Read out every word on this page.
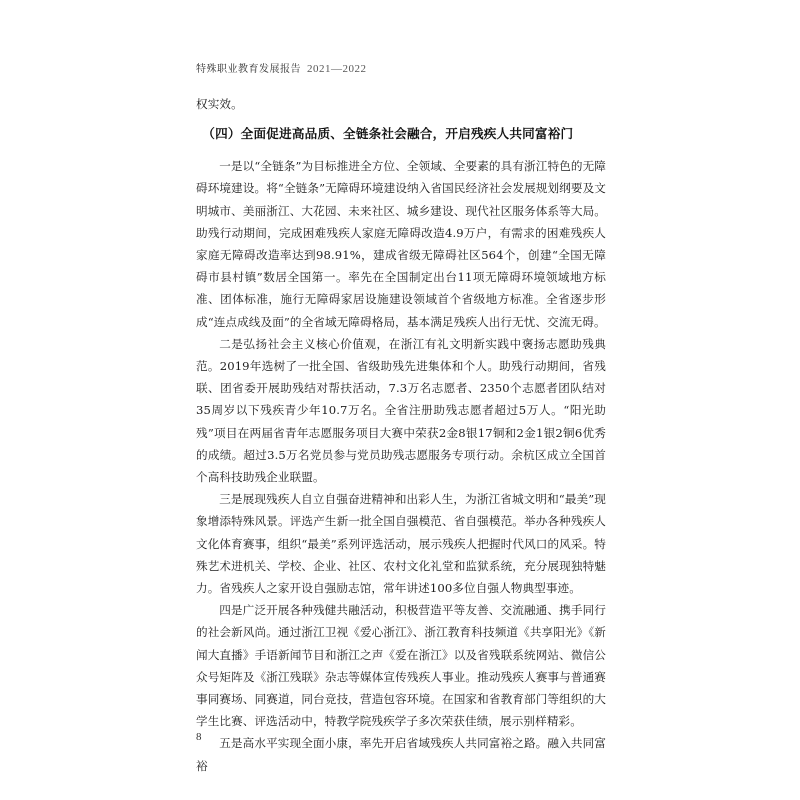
特殊职业教育发展报告 2021—2022

权实效。

（四）全面促进高品质、全链条社会融合，开启残疾人共同富裕门

一是以“全链条”为目标推进全方位、全领域、全要素的具有浙江特色的无障碍环境建设。将“全链条”无障碍环境建设纳入省国民经济社会发展规划纲要及文明城市、美丽浙江、大花园、未来社区、城乡建设、现代社区服务体系等大局。助残行动期间，完成困难残疾人家庭无障碍改造4.9万户，有需求的困难残疾人家庭无障碍改造率达到98.91%，建成省级无障碍社区564个，创建“全国无障碍市县村镇”数居全国第一。率先在全国制定出台11项无障碍环境领域地方标准、团体标准，施行无障碍家居设施建设领域首个省级地方标准。全省逐步形成“连点成线及面”的全省域无障碍格局，基本满足残疾人出行无忧、交流无碍。

二是弘扬社会主义核心价值观，在浙江有礼文明新实践中褒扬志愿助残典范。2019年选树了一批全国、省级助残先进集体和个人。助残行动期间，省残联、团省委开展助残结对帮扶活动，7.3万名志愿者、2350个志愿者团队结对35周岁以下残疾青少年10.7万名。全省注册助残志愿者超过5万人。“阳光助残”项目在两届省青年志愿服务项目大赛中荣获2金8银17铜和2金1银2铜6优秀的成绩。超过3.5万名党员参与党员助残志愿服务专项行动。余杭区成立全国首个高科技助残企业联盟。

三是展现残疾人自立自强奋进精神和出彩人生，为浙江省城文明和“最美”现象增添特殊风景。评选产生新一批全国自强模范、省自强模范。举办各种残疾人文化体育赛事，组织“最美”系列评选活动，展示残疾人把握时代风口的风采。特殊艺术进机关、学校、企业、社区、农村文化礼堂和监狱系统，充分展现独特魅力。省残疾人之家开设自强励志馆，常年讲述100多位自强人物典型事迹。

四是广泛开展各种残健共融活动，积极营造平等友善、交流融通、携手同行的社会新风尚。通过浙江卫视《爱心浙江》、浙江教育科技频道《共享阳光》《新闻大直播》手语新闻节目和浙江之声《爱在浙江》以及省残联系统网站、微信公众号矩阵及《浙江残联》杂志等媒体宣传残疾人事业。推动残疾人赛事与普通赛事同赛场、同赛道，同台竞技，营造包容环境。在国家和省教育部门等组织的大学生比赛、评选活动中，特教学院残疾学子多次荣获佳绩，展示别样精彩。

五是高水平实现全面小康，率先开启省域残疾人共同富裕之路。融入共同富裕

8
